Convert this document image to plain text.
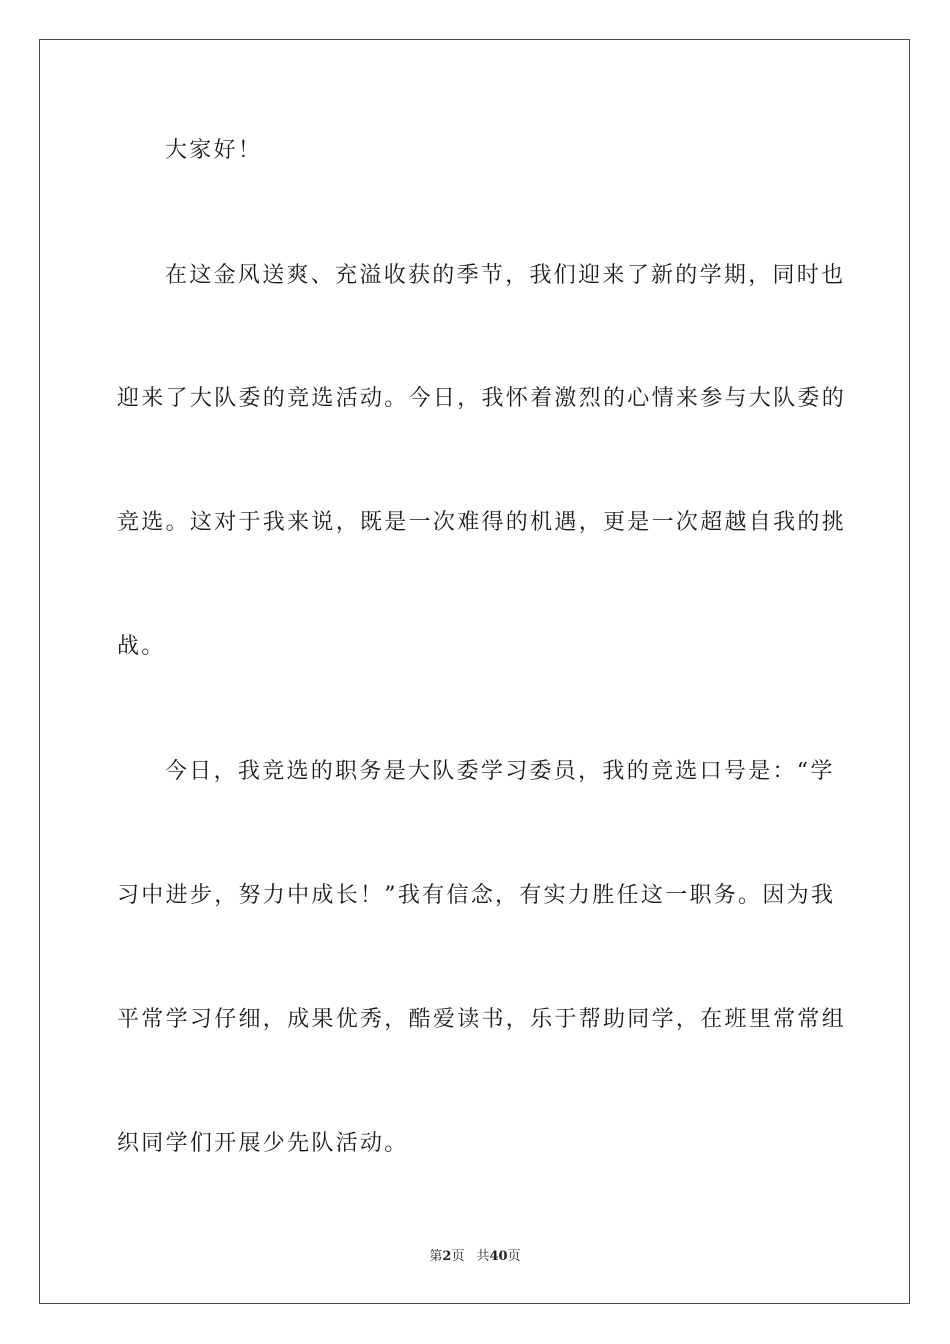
大家好！
在这金风送爽、充溢收获的季节，我们迎来了新的学期，同时也
迎来了大队委的竞选活动。今日，我怀着激烈的心情来参与大队委的
竞选。这对于我来说，既是一次难得的机遇，更是一次超越自我的挑
战。
今日，我竞选的职务是大队委学习委员，我的竞选口号是：“学
习中进步，努力中成长！”我有信念，有实力胜任这一职务。因为我
平常学习仔细，成果优秀，酷爱读书，乐于帮助同学，在班里常常组
织同学们开展少先队活动。
第2页 共40页
